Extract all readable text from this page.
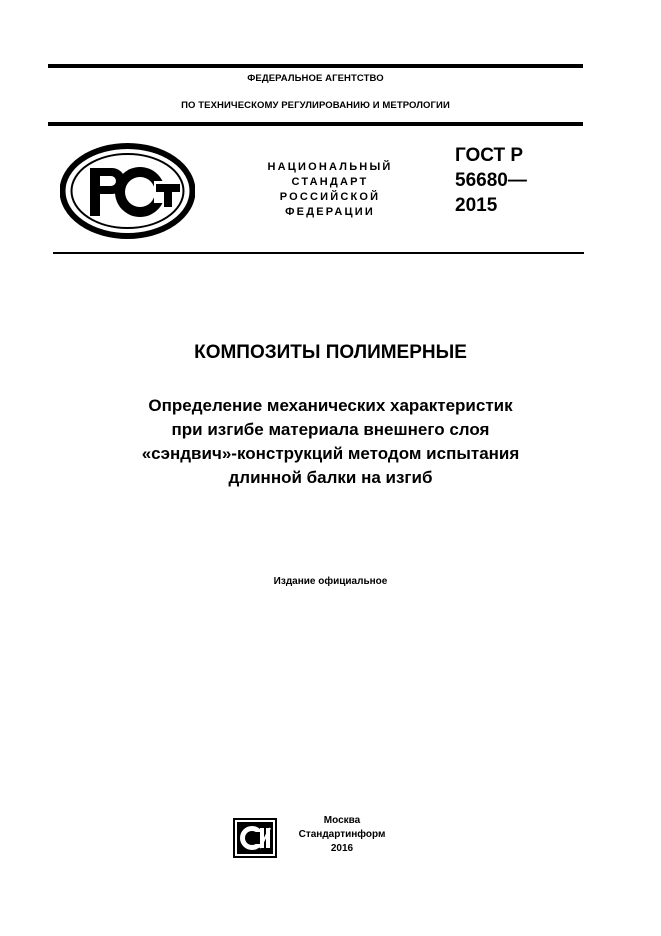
ФЕДЕРАЛЬНОЕ АГЕНТСТВО
ПО ТЕХНИЧЕСКОМУ РЕГУЛИРОВАНИЮ И МЕТРОЛОГИИ
НАЦИОНАЛЬНЫЙ
СТАНДАРТ
РОССИЙСКОЙ
ФЕДЕРАЦИИ
ГОСТ Р
56680—
2015
КОМПОЗИТЫ ПОЛИМЕРНЫЕ
Определение механических характеристик
при изгибе материала внешнего слоя
«сэндвич»-конструкций методом испытания
длинной балки на изгиб
Издание официальное
Москва
Стандартинформ
2016
